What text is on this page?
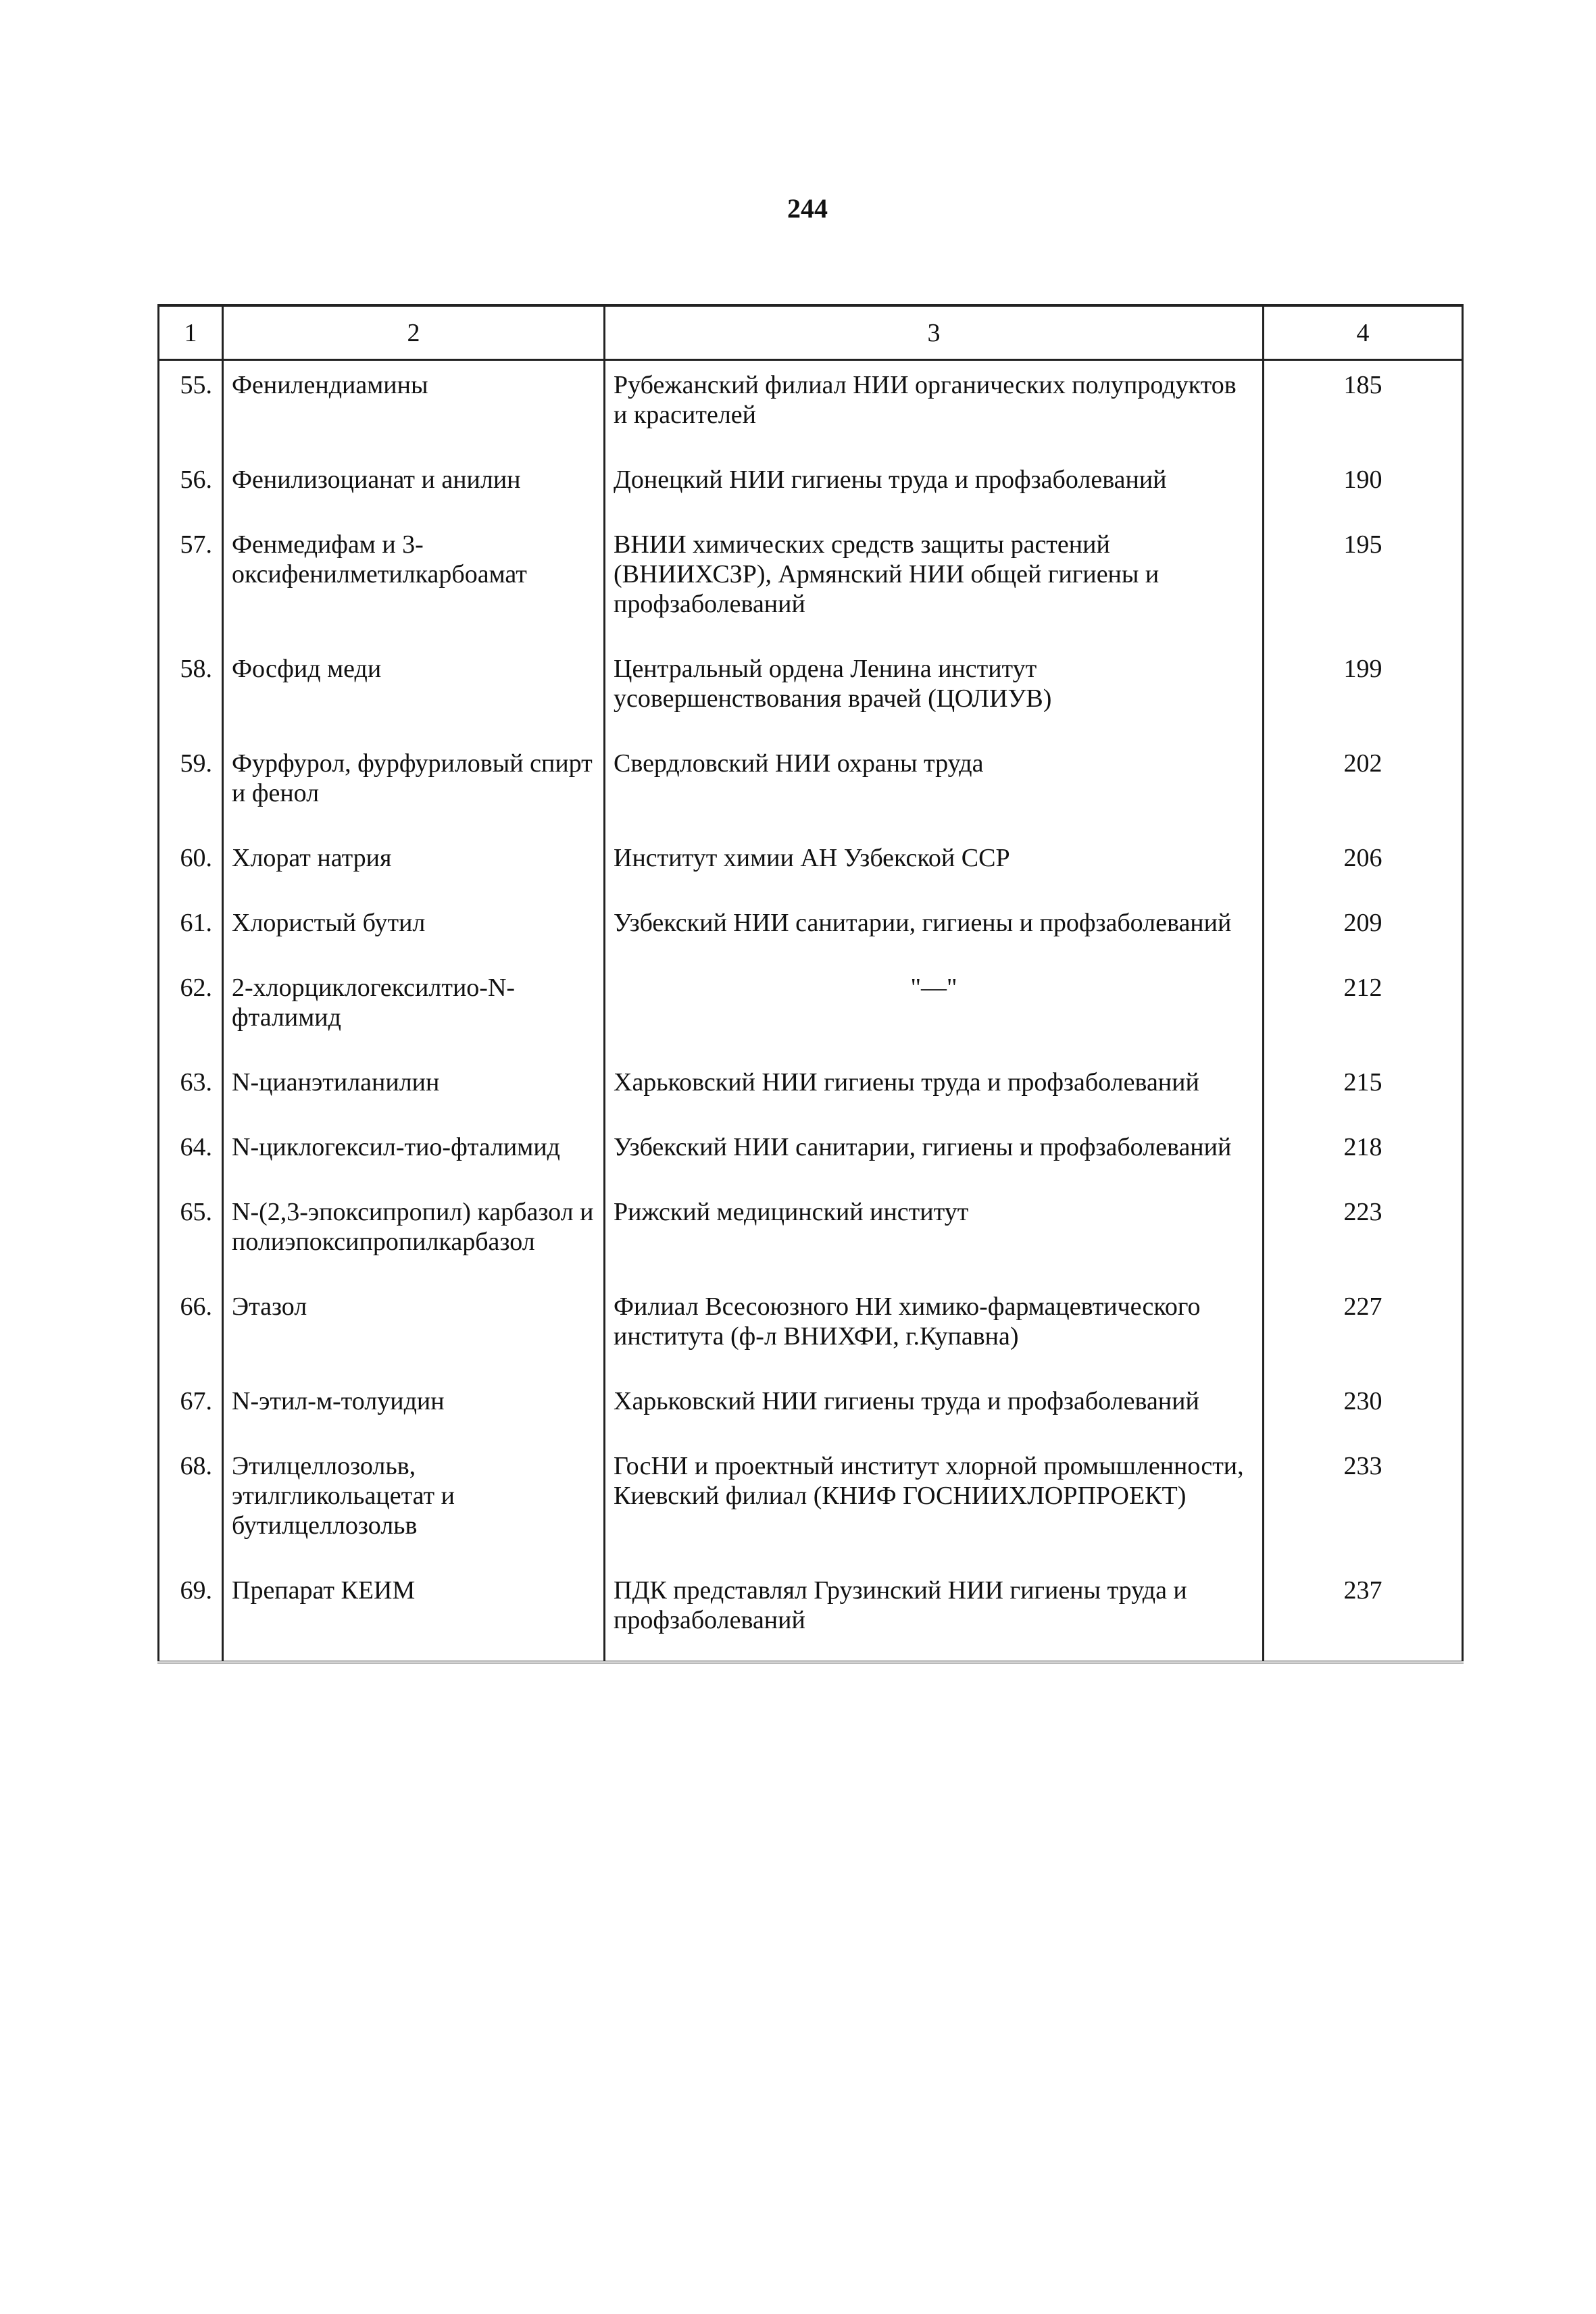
244
1	2	3	4
55.	Фенилендиамины	Рубежанский филиал НИИ органических полупродуктов и красителей	185
56.	Фенилизоцианат и анилин	Донецкий НИИ гигиены труда и профзаболеваний	190
57.	Фенмедифам и 3-оксифенилметилкарбоамат	ВНИИ химических средств защиты растений (ВНИИХСЗР), Армянский НИИ общей гигиены и профзаболеваний	195
58.	Фосфид меди	Центральный ордена Ленина институт усовершенствования врачей (ЦОЛИУВ)	199
59.	Фурфурол, фурфуриловый спирт и фенол	Свердловский НИИ охраны труда	202
60.	Хлорат натрия	Институт химии АН Узбекской ССР	206
61.	Хлористый бутил	Узбекский НИИ санитарии, гигиены и профзаболеваний	209
62.	2-хлорциклогексилтио-N-фталимид	"—"	212
63.	N-цианэтиланилин	Харьковский НИИ гигиены труда и профзаболеваний	215
64.	N-циклогексил-тио-фталимид	Узбекский НИИ санитарии, гигиены и профзаболеваний	218
65.	N-(2,3-эпоксипропил) карбазол и полиэпоксипропилкарбазол	Рижский медицинский институт	223
66.	Этазол	Филиал Всесоюзного НИ химико-фармацевтического института (ф-л ВНИХФИ, г.Купавна)	227
67.	N-этил-м-толуидин	Харьковский НИИ гигиены труда и профзаболеваний	230
68.	Этилцеллозольв, этилгликольацетат и бутилцеллозольв	ГосНИ и проектный институт хлорной промышленности, Киевский филиал (КНИФ ГОСНИИХЛОРПРОЕКТ)	233
69.	Препарат КЕИМ	ПДК представлял Грузинский НИИ гигиены труда и профзаболеваний	237
